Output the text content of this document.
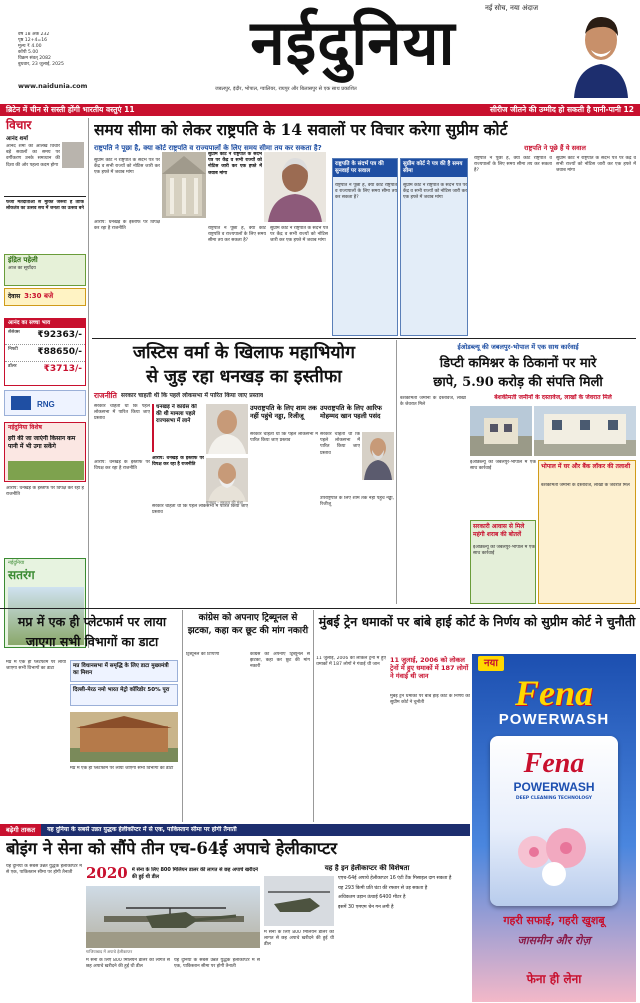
वर्ष 18 अंक 232
पृष्ठ 12+4=16
मूल्य ₹ 4.00
कॉपी 5.00
विक्रम संवत् 2082
बुधवार, 23 जुलाई, 2025
www.naidunia.com
नईदुनिया	नई सोच, नया अंदाज
जबलपुर, इंदौर, भोपाल, ग्वालियर, रायपुर और बिलासपुर से एक साथ प्रकाशित
ब्रिटेन में चीन से सस्ती होंगी भारतीय वस्तुएं 11	सीरीज जीतने की उम्मीद हो सकती है पानी-पानी 12
विचार
आनंद शर्मा
आनंद शर्मा का आलेख विचार बड़े सवालों का समय पर वर्गीकरण उनके समाधान की दिशा की ओर पहला कदम होगा
फर्जी मतदाताओं से मुक्ति जरूरी है ताकि लोकतंत्र का उत्सव सच में जनता का उत्सव बने
इंद्रित पहेली
आज का सूर्योदय
देवास 3:30 बजे
आनंद का सच्चा भाव
सेंसेक्स ₹92363/-
निफ्टी ₹88650/-
डॉलर	₹3713/-
RNG
नईदुनिया विशेष
हरी की जा जाएंगी किसान कम पानी में भी उगा सकेंगे
आरोप: धनखड़ के इस्तीफे पर विपक्ष कर रहा है राजनीति
नईदुनिया
सतरंग
समय सीमा को लेकर राष्ट्रपति के 14 सवालों पर विचार करेगा सुप्रीम कोर्ट
राष्ट्रपति ने पूछा है, क्या कोर्ट राष्ट्रपति व राज्यपालों के लिए समय सीमा तय कर सकता है?
सुप्रीम कोर्ट ने राष्ट्रपति के संदर्भ पत्र पर केंद्र व सभी राज्यों को नोटिस जारी कर एक हफ्ते में जवाब मांगा
आरोप: धनखड़ के इस्तीफे पर विपक्ष कर रहा है राजनीति
सुप्रीम कोर्ट ने राष्ट्रपति के संदर्भ पत्र पर केंद्र व सभी राज्यों को नोटिस जारी कर एक हफ्ते में जवाब मांगा
राष्ट्रपति ने पूछा है, क्या कोर्ट राष्ट्रपति व राज्यपालों के लिए समय सीमा तय कर सकता है?
सुप्रीम कोर्ट ने राष्ट्रपति के संदर्भ पत्र पर केंद्र व सभी राज्यों को नोटिस जारी कर एक हफ्ते में जवाब मांगा
राष्ट्रपति के संदर्भ पत्र की सुनवाई पर सवाल
राष्ट्रपति ने पूछा है, क्या कोर्ट राष्ट्रपति व राज्यपालों के लिए समय सीमा तय कर सकता है?
सुप्रीम कोर्ट ने पत्र की है समय सीमा
सुप्रीम कोर्ट ने राष्ट्रपति के संदर्भ पत्र पर केंद्र व सभी राज्यों को नोटिस जारी कर एक हफ्ते में जवाब मांगा
राष्ट्रपति ने पूछे हैं ये सवाल
राष्ट्रपति ने पूछा है, क्या कोर्ट राष्ट्रपति व राज्यपालों के लिए समय सीमा तय कर सकता है?
सुप्रीम कोर्ट ने राष्ट्रपति के संदर्भ पत्र पर केंद्र व सभी राज्यों को नोटिस जारी कर एक हफ्ते में जवाब मांगा
जस्टिस वर्मा के खिलाफ महाभियोग
से जुड़ रहा धनखड़ का इस्तीफा
राजनीति सरकार चाहती थी कि पहले लोकसभा में पारित किया जाए प्रस्ताव
सरकार चाहती थी कि पहले लोकसभा में पारित किया जाए प्रस्ताव
आरोप: धनखड़ के इस्तीफे पर विपक्ष कर रहा है राजनीति
धनखड़ ने कांग्रेस की की थी मामला पहले राज्यसभा में लाने
आरोप: धनखड़ के इस्तीफे पर विपक्ष कर रहा है राजनीति
सरकार चाहती थी कि पहले लोकसभा में पारित किया जाए प्रस्ताव
उपराष्ट्रपति के लिए शाम तक नहीं पहुंचे नड्डा, रिजीजू
सरकार चाहती थी कि पहले लोकसभा में पारित किया जाए प्रस्ताव
उपराष्ट्रपति के लिए आरिफ मोहम्मद खान पहली पसंद
सरकार चाहती थी कि पहले लोकसभा में पारित किया जाए प्रस्ताव
उपराष्ट्रपति के लिए शाम तक नहीं पहुंचे नड्डा, रिजीजू
धनखड़ - सरकार की मंशा
ईओडब्ल्यू की जबलपुर-भोपाल में एक साथ कार्रवाई
डिप्टी कमिश्नर के ठिकानों पर मारे
छापे, 5.90 करोड़ की संपत्ति मिली
बेशकीमती जमीनों के दस्तावेज, लाखों के जेवरात मिले
बेशकीमती जमीनों के दस्तावेज, लाखों के जेवरात मिले
ईओडब्ल्यू की जबलपुर-भोपाल में एक साथ कार्रवाई	भोपाल में घर और बैंक लॉकर की तलाशी
बेशकीमती जमीनों के दस्तावेज, लाखों के जेवरात मिले
सरकारी आवास से मिले महंगी शराब की बोतलें
ईओडब्ल्यू की जबलपुर-भोपाल में एक साथ कार्रवाई
मप्र में एक ही प्लेटफार्म पर लाया जाएगा सभी विभागों का डाटा
मप्र में एक ही प्लेटफार्म पर लाया जाएगा सभी विभागों का डाटा	मप्र विधानसभा में समृद्धि के लिए डाटा मुख्यमंत्री का मिशन
दिल्ली-मेरठ नमो भारत मेट्रो कॉरिडोर 50% पूरा
मप्र में एक ही प्लेटफार्म पर लाया जाएगा सभी विभागों का डाटा
कांग्रेस को अपनाए ट्रिब्यूनल से झटका, कहा कर छूट की मांग नकारी
ट्रिब्यूनल की टिप्पणी	कांग्रेस को अपनाए ट्रिब्यूनल से झटका, कहा कर छूट की मांग नकारी
मुंबई ट्रेन धमाकों पर बांबे हाई कोर्ट के निर्णय को सुप्रीम कोर्ट ने चुनौती
11 जुलाई, 2006 को लोकल ट्रेनों में हुए धमाकों में 187 लोगों ने गंवाई थी जान
11 जुलाई, 2006 को लोकल ट्रेनों में हुए धमाकों में 187 लोगों ने गंवाई थी जान
मुंबई ट्रेन धमाकों पर बांबे हाई कोर्ट के निर्णय को सुप्रीम कोर्ट ने चुनौती
नया
Fena
POWERWASH
Fena
POWERWASH
DEEP CLEANING TECHNOLOGY
गहरी सफाई, गहरी खुशबू
जासमीन और रोज़
फेना ही लेना
बढ़ेगी ताकत	यह दुनिया के सबसे उन्नत युद्धक हेलीकॉप्टर में से एक, पाकिस्तान सीमा पर होगी तैनाती
बोइंग ने सेना को सौंपे तीन एच-64ई अपाचे हेलीकाप्टर
यह दुनिया के सबसे उन्नत युद्धक हेलीकॉप्टर में से एक, पाकिस्तान सीमा पर होगी तैनाती 2020 में सेना के लिए 800 मिलियन डालर की लागत से छह अपाचे खरीदने की हुई थी डील
गाजियाबाद में अपाचे हेलीकाप्टर
में सेना के लिए 800 मिलियन डालर की लागत से छह अपाचे खरीदने की हुई थी डील
यह दुनिया के सबसे उन्नत युद्धक हेलीकॉप्टर में से एक, पाकिस्तान सीमा पर होगी तैनाती
यह है इन हेलीकाप्टर की विशेषता
एएच-64ई अपाचे हेलीकाप्टर 16 एंटी टैंक मिसाइल दाग सकता है
यह 293 किमी प्रति घंटा की रफ्तार से उड़ सकता है
अधिकतम उड़ान ऊंचाई 6400 मीटर है
इसमें 30 एमएम चेन गन लगी है
में सेना के लिए 800 मिलियन डालर की लागत से छह अपाचे खरीदने की हुई थी डील
